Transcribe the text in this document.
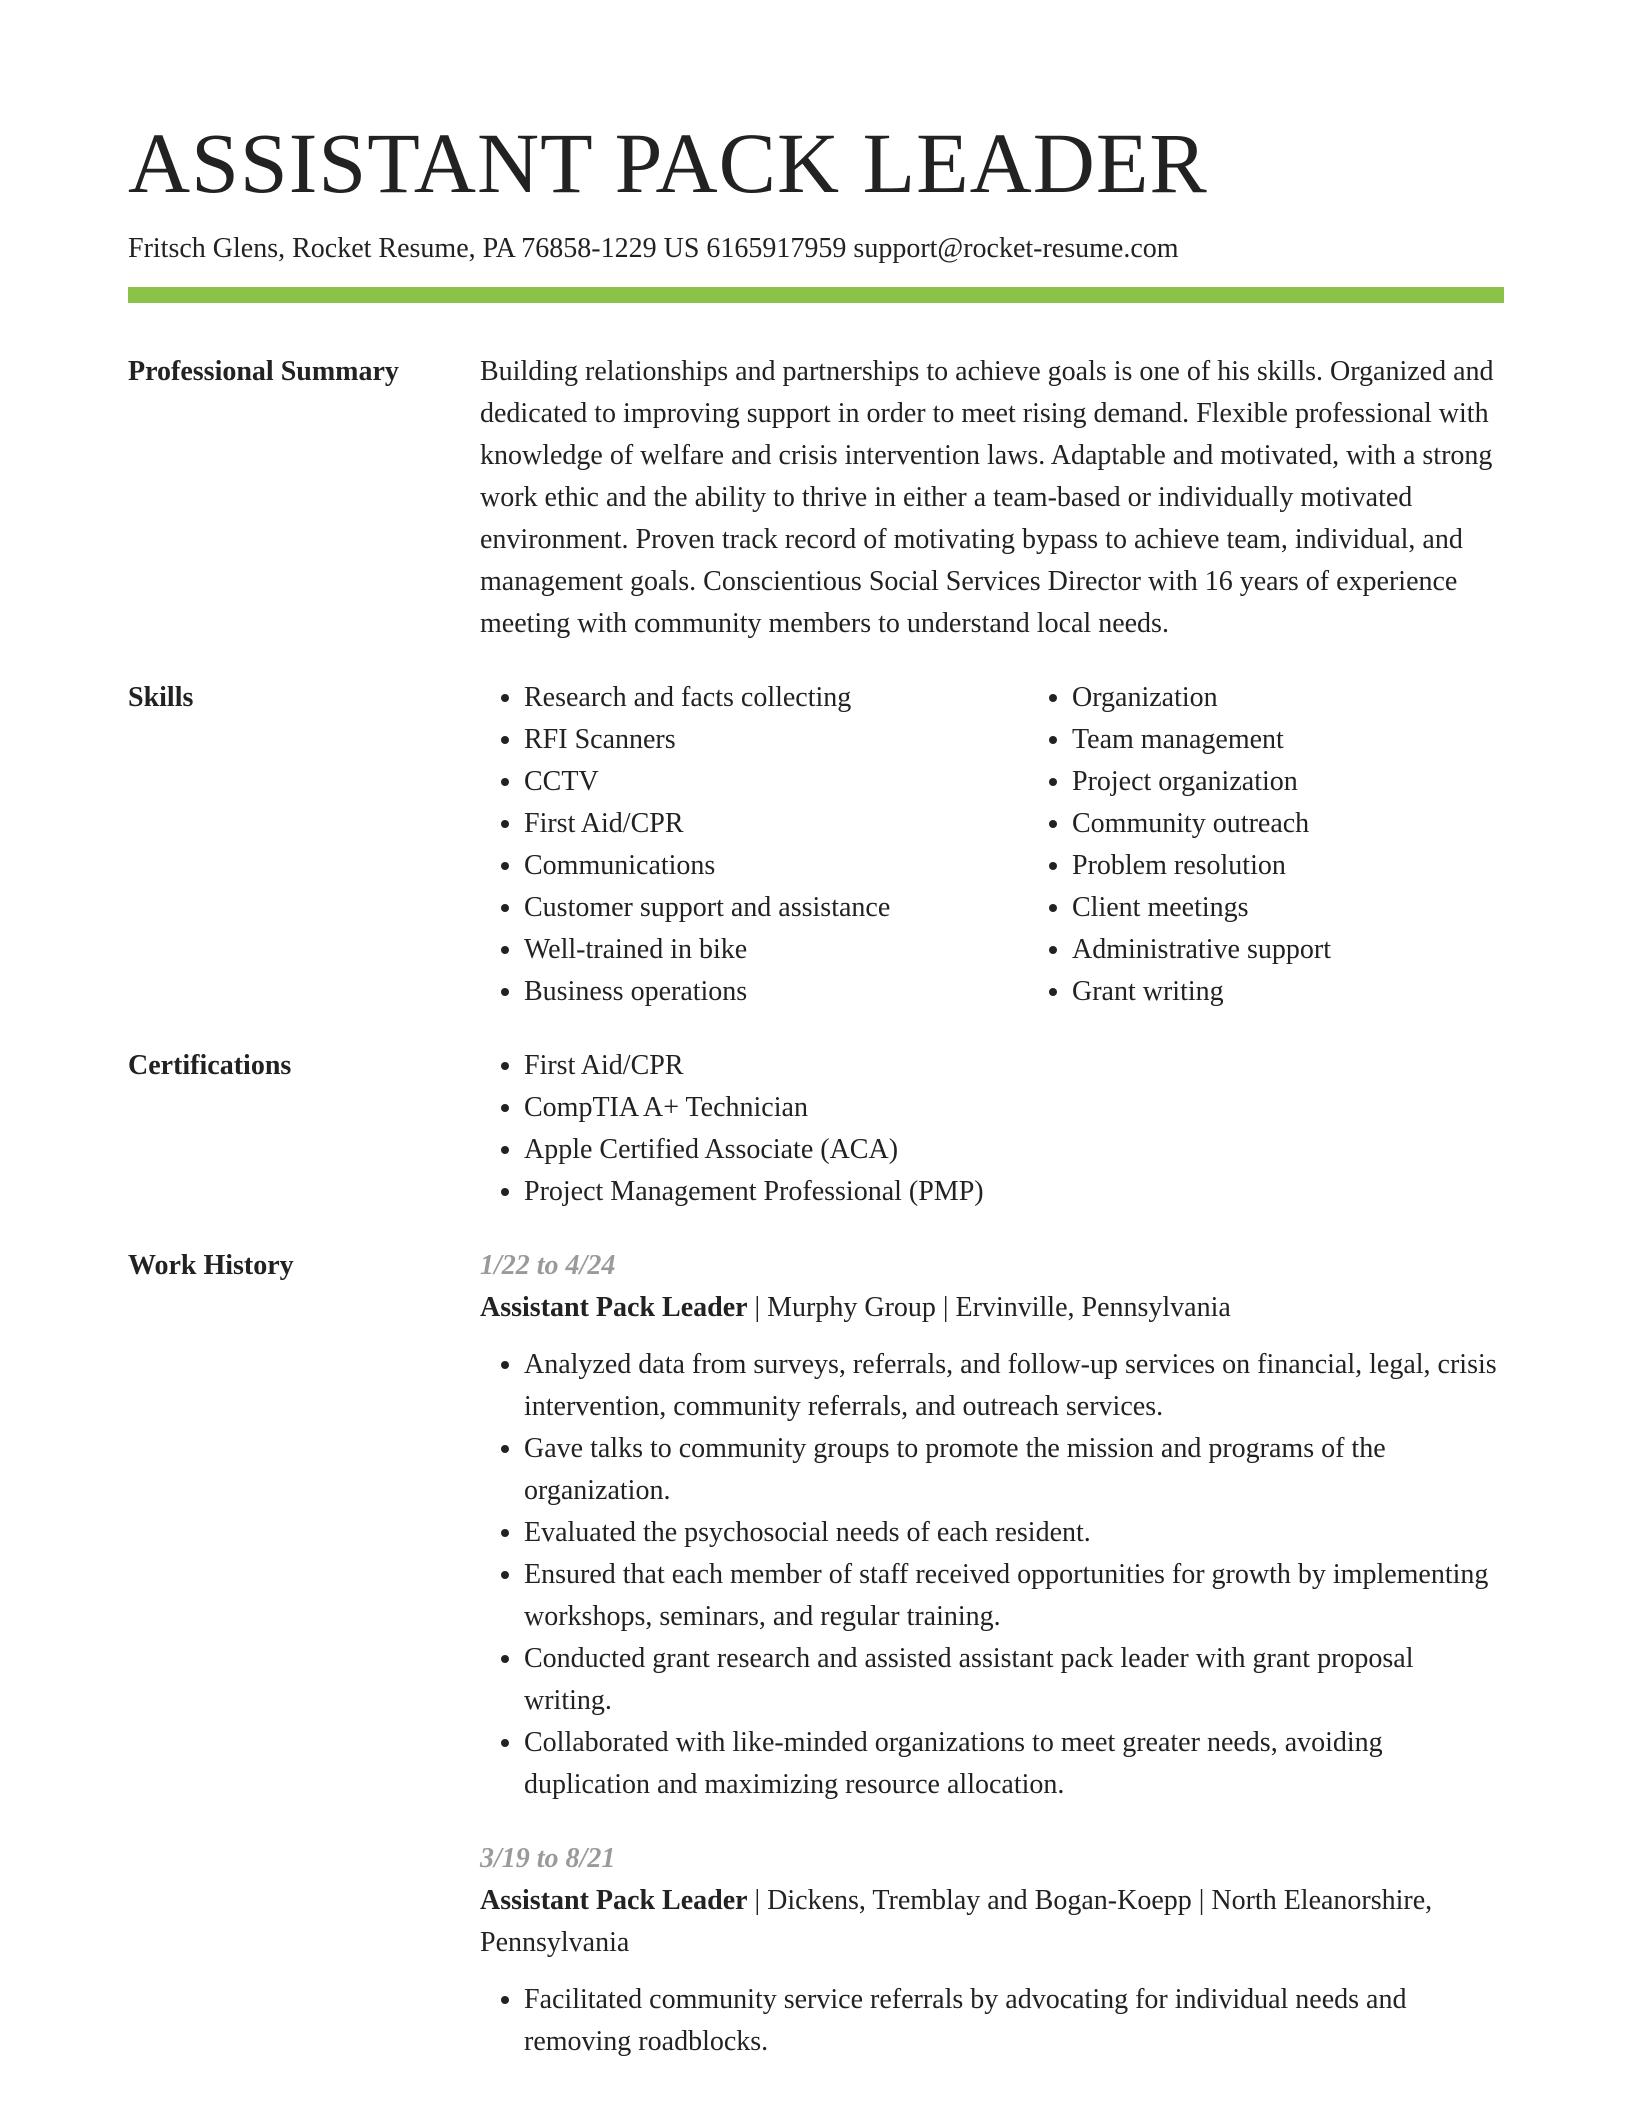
ASSISTANT PACK LEADER
Fritsch Glens, Rocket Resume, PA 76858-1229 US 6165917959 support@rocket-resume.com
Professional Summary	Building relationships and partnerships to achieve goals is one of his skills. Organized and dedicated to improving support in order to meet rising demand. Flexible professional with knowledge of welfare and crisis intervention laws. Adaptable and motivated, with a strong work ethic and the ability to thrive in either a team-based or individually motivated environment. Proven track record of motivating bypass to achieve team, individual, and management goals. Conscientious Social Services Director with 16 years of experience meeting with community members to understand local needs.
Skills	• Research and facts collecting
• RFI Scanners
• CCTV
• First Aid/CPR
• Communications
• Customer support and assistance
• Well-trained in bike
• Business operations
• Organization
• Team management
• Project organization
• Community outreach
• Problem resolution
• Client meetings
• Administrative support
• Grant writing
Certifications	• First Aid/CPR
• CompTIA A+ Technician
• Apple Certified Associate (ACA)
• Project Management Professional (PMP)
Work History	1/22 to 4/24
Assistant Pack Leader | Murphy Group | Ervinville, Pennsylvania
• Analyzed data from surveys, referrals, and follow-up services on financial, legal, crisis intervention, community referrals, and outreach services.
• Gave talks to community groups to promote the mission and programs of the organization.
• Evaluated the psychosocial needs of each resident.
• Ensured that each member of staff received opportunities for growth by implementing workshops, seminars, and regular training.
• Conducted grant research and assisted assistant pack leader with grant proposal writing.
• Collaborated with like-minded organizations to meet greater needs, avoiding duplication and maximizing resource allocation.
3/19 to 8/21
Assistant Pack Leader | Dickens, Tremblay and Bogan-Koepp | North Eleanorshire, Pennsylvania
• Facilitated community service referrals by advocating for individual needs and removing roadblocks.
